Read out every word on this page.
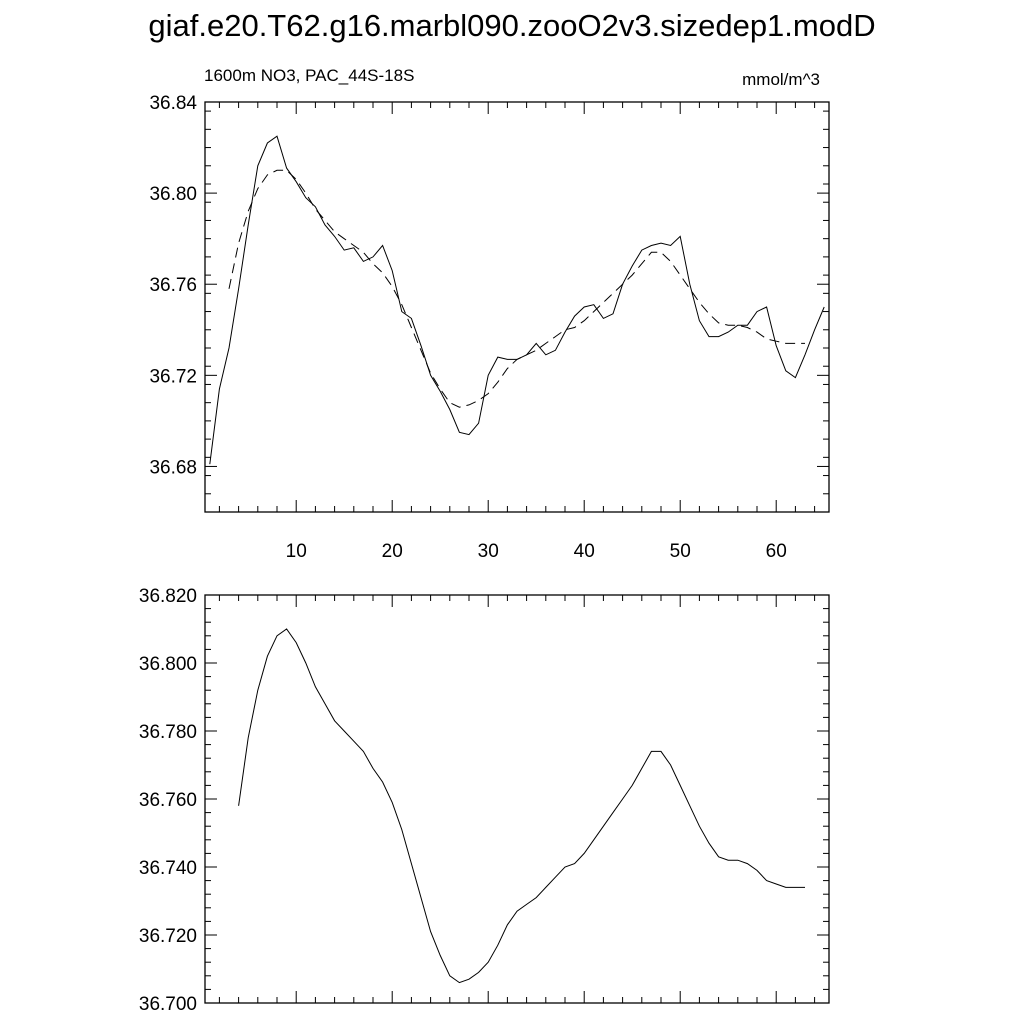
giaf.e20.T62.g16.marbl090.zooO2v3.sizedep1.modD
1600m NO3, PAC_44S-18S	mmol/m^3
36.68
36.72
36.76
36.80
36.84
10	20	30	40	50	60
36.700
36.720
36.740
36.760
36.780
36.800
36.820
